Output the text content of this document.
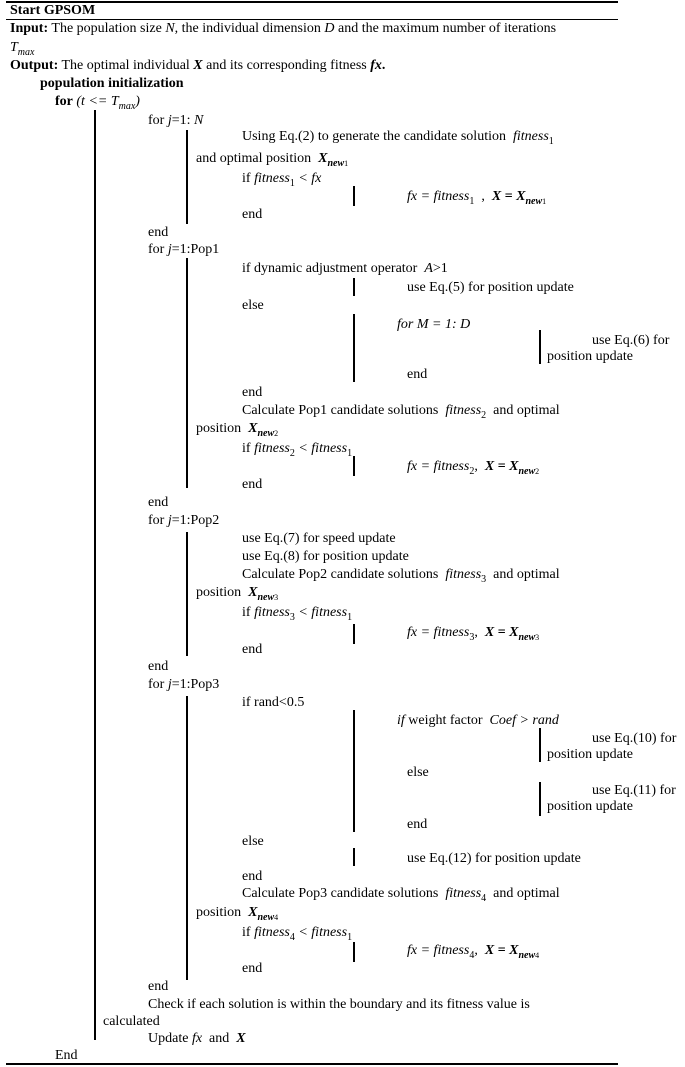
Start GPSOM
Input: The population size N, the individual dimension D and the maximum number of iterations
$T_{max}$
Output: The optimal individual X and its corresponding fitness fx.
population initialization
for $(t <= T_{max})$
for j=1: N
Using Eq.(2) to generate the candidate solution fitness$_1$
and optimal position  $X_{new1}$
if fitness$_1$ < fx
fx = fitness$_1$  ,  $X = X_{new1}$
end
end
for j=1:Pop1
if dynamic adjustment operator  A>1
use Eq.(5) for position update
else
for M = 1: D
use Eq.(6) for
position update
end
end
Calculate Pop1 candidate solutions  fitness$_2$  and optimal
position  $X_{new2}$
if fitness$_2$ < fitness$_1$
fx = fitness$_2$,  $X = X_{new2}$
end
end
for j=1:Pop2
use Eq.(7) for speed update
use Eq.(8) for position update
Calculate Pop2 candidate solutions  fitness$_3$  and optimal
position  $X_{new3}$
if fitness$_3$ < fitness$_1$
fx = fitness$_3$,  $X = X_{new3}$
end
end
for j=1:Pop3
if rand<0.5
if weight factor Coef > rand
use Eq.(10) for
position update
else
use Eq.(11) for
position update
end
else
use Eq.(12) for position update
end
Calculate Pop3 candidate solutions  fitness$_4$  and optimal
position  $X_{new4}$
if fitness$_4$ < fitness$_1$
fx = fitness$_4$,  $X = X_{new4}$
end
end
Check if each solution is within the boundary and its fitness value is
calculated
Update fx and X
End
